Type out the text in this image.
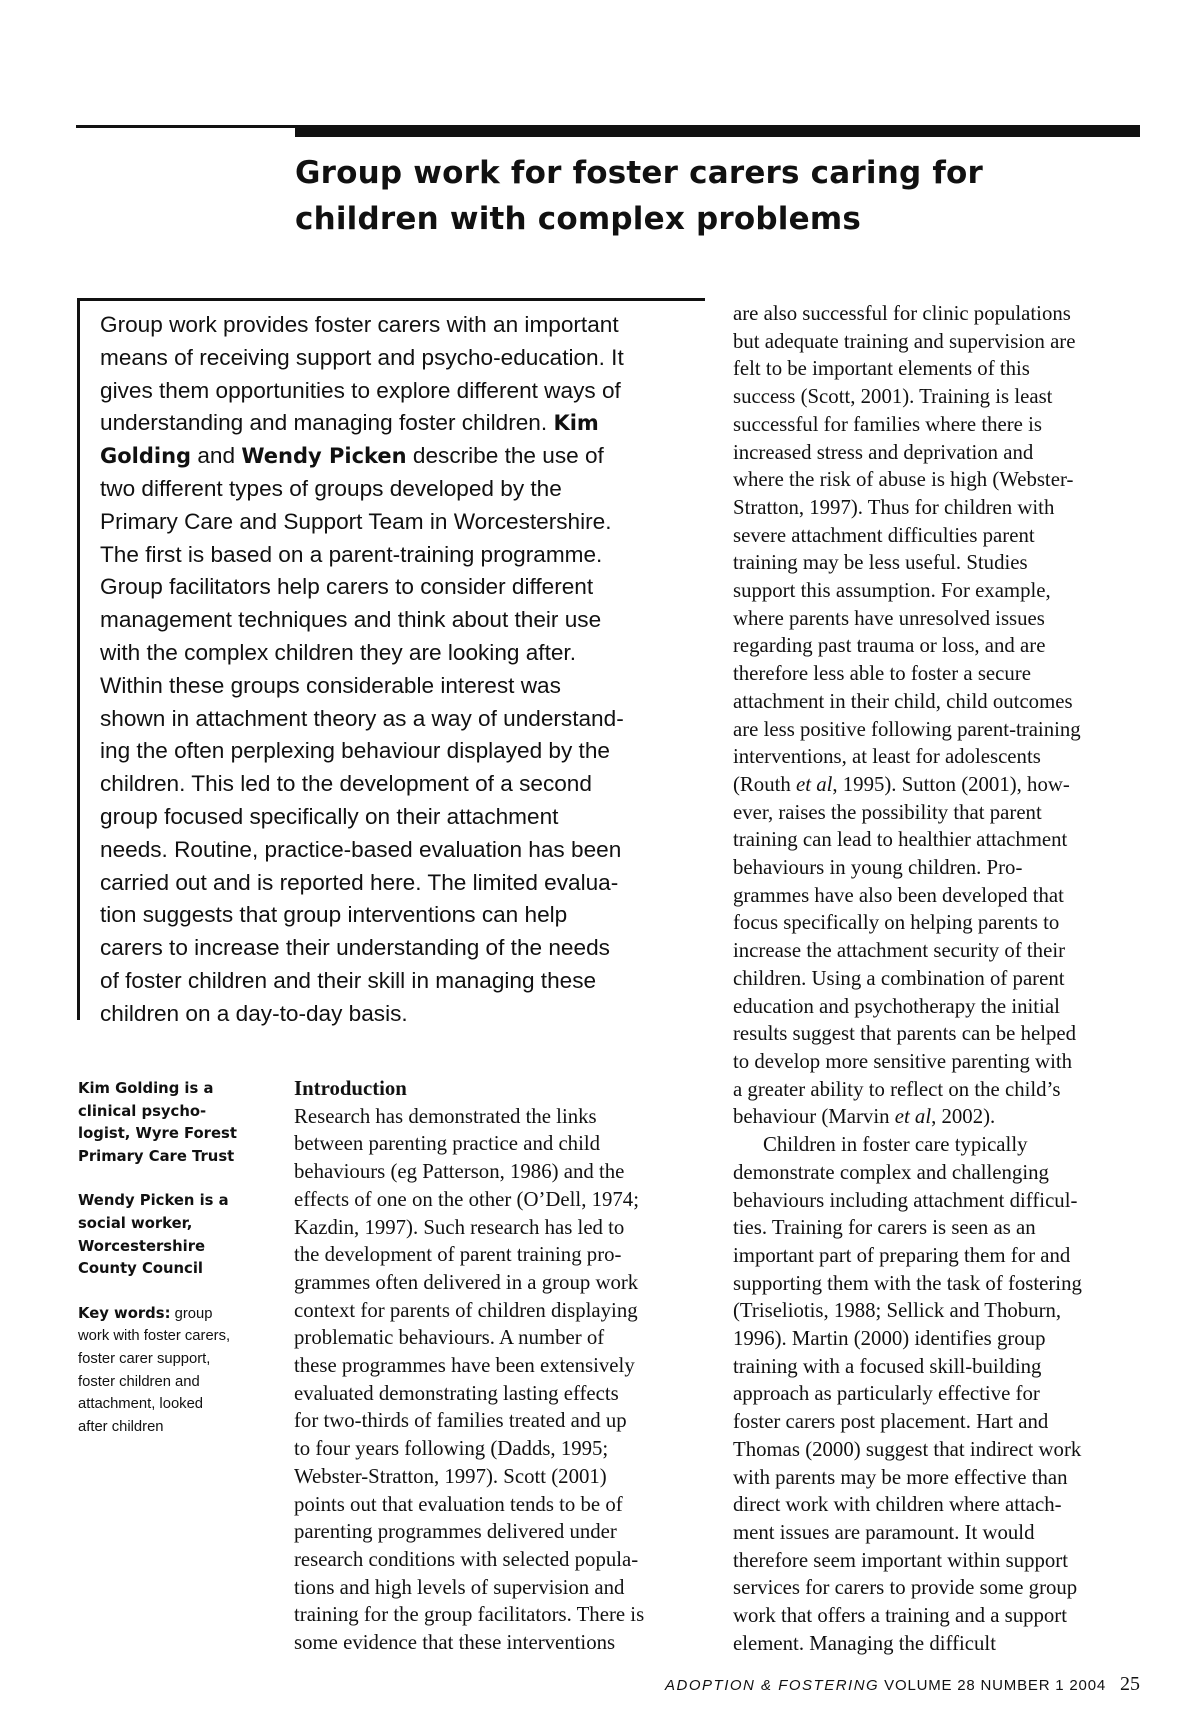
Group work for foster carers caring for
children with complex problems
Group work provides foster carers with an important
means of receiving support and psycho-education. It
gives them opportunities to explore different ways of
understanding and managing foster children. Kim
Golding and Wendy Picken describe the use of
two different types of groups developed by the
Primary Care and Support Team in Worcestershire.
The first is based on a parent-training programme.
Group facilitators help carers to consider different
management techniques and think about their use
with the complex children they are looking after.
Within these groups considerable interest was
shown in attachment theory as a way of understand-
ing the often perplexing behaviour displayed by the
children. This led to the development of a second
group focused specifically on their attachment
needs. Routine, practice-based evaluation has been
carried out and is reported here. The limited evalua-
tion suggests that group interventions can help
carers to increase their understanding of the needs
of foster children and their skill in managing these
children on a day-to-day basis.
Kim Golding is a
clinical psycho-
logist, Wyre Forest
Primary Care Trust
Wendy Picken is a
social worker,
Worcestershire
County Council
Key words: group
work with foster carers,
foster carer support,
foster children and
attachment, looked
after children
Introduction
Research has demonstrated the links
between parenting practice and child
behaviours (eg Patterson, 1986) and the
effects of one on the other (O’Dell, 1974;
Kazdin, 1997). Such research has led to
the development of parent training pro-
grammes often delivered in a group work
context for parents of children displaying
problematic behaviours. A number of
these programmes have been extensively
evaluated demonstrating lasting effects
for two-thirds of families treated and up
to four years following (Dadds, 1995;
Webster-Stratton, 1997). Scott (2001)
points out that evaluation tends to be of
parenting programmes delivered under
research conditions with selected popula-
tions and high levels of supervision and
training for the group facilitators. There is
some evidence that these interventions
are also successful for clinic populations
but adequate training and supervision are
felt to be important elements of this
success (Scott, 2001). Training is least
successful for families where there is
increased stress and deprivation and
where the risk of abuse is high (Webster-
Stratton, 1997). Thus for children with
severe attachment difficulties parent
training may be less useful. Studies
support this assumption. For example,
where parents have unresolved issues
regarding past trauma or loss, and are
therefore less able to foster a secure
attachment in their child, child outcomes
are less positive following parent-training
interventions, at least for adolescents
(Routh et al, 1995). Sutton (2001), how-
ever, raises the possibility that parent
training can lead to healthier attachment
behaviours in young children. Pro-
grammes have also been developed that
focus specifically on helping parents to
increase the attachment security of their
children. Using a combination of parent
education and psychotherapy the initial
results suggest that parents can be helped
to develop more sensitive parenting with
a greater ability to reflect on the child’s
behaviour (Marvin et al, 2002).
Children in foster care typically
demonstrate complex and challenging
behaviours including attachment difficul-
ties. Training for carers is seen as an
important part of preparing them for and
supporting them with the task of fostering
(Triseliotis, 1988; Sellick and Thoburn,
1996). Martin (2000) identifies group
training with a focused skill-building
approach as particularly effective for
foster carers post placement. Hart and
Thomas (2000) suggest that indirect work
with parents may be more effective than
direct work with children where attach-
ment issues are paramount. It would
therefore seem important within support
services for carers to provide some group
work that offers a training and a support
element. Managing the difficult
ADOPTION & FOSTERING VOLUME 28 NUMBER 1 2004 25
